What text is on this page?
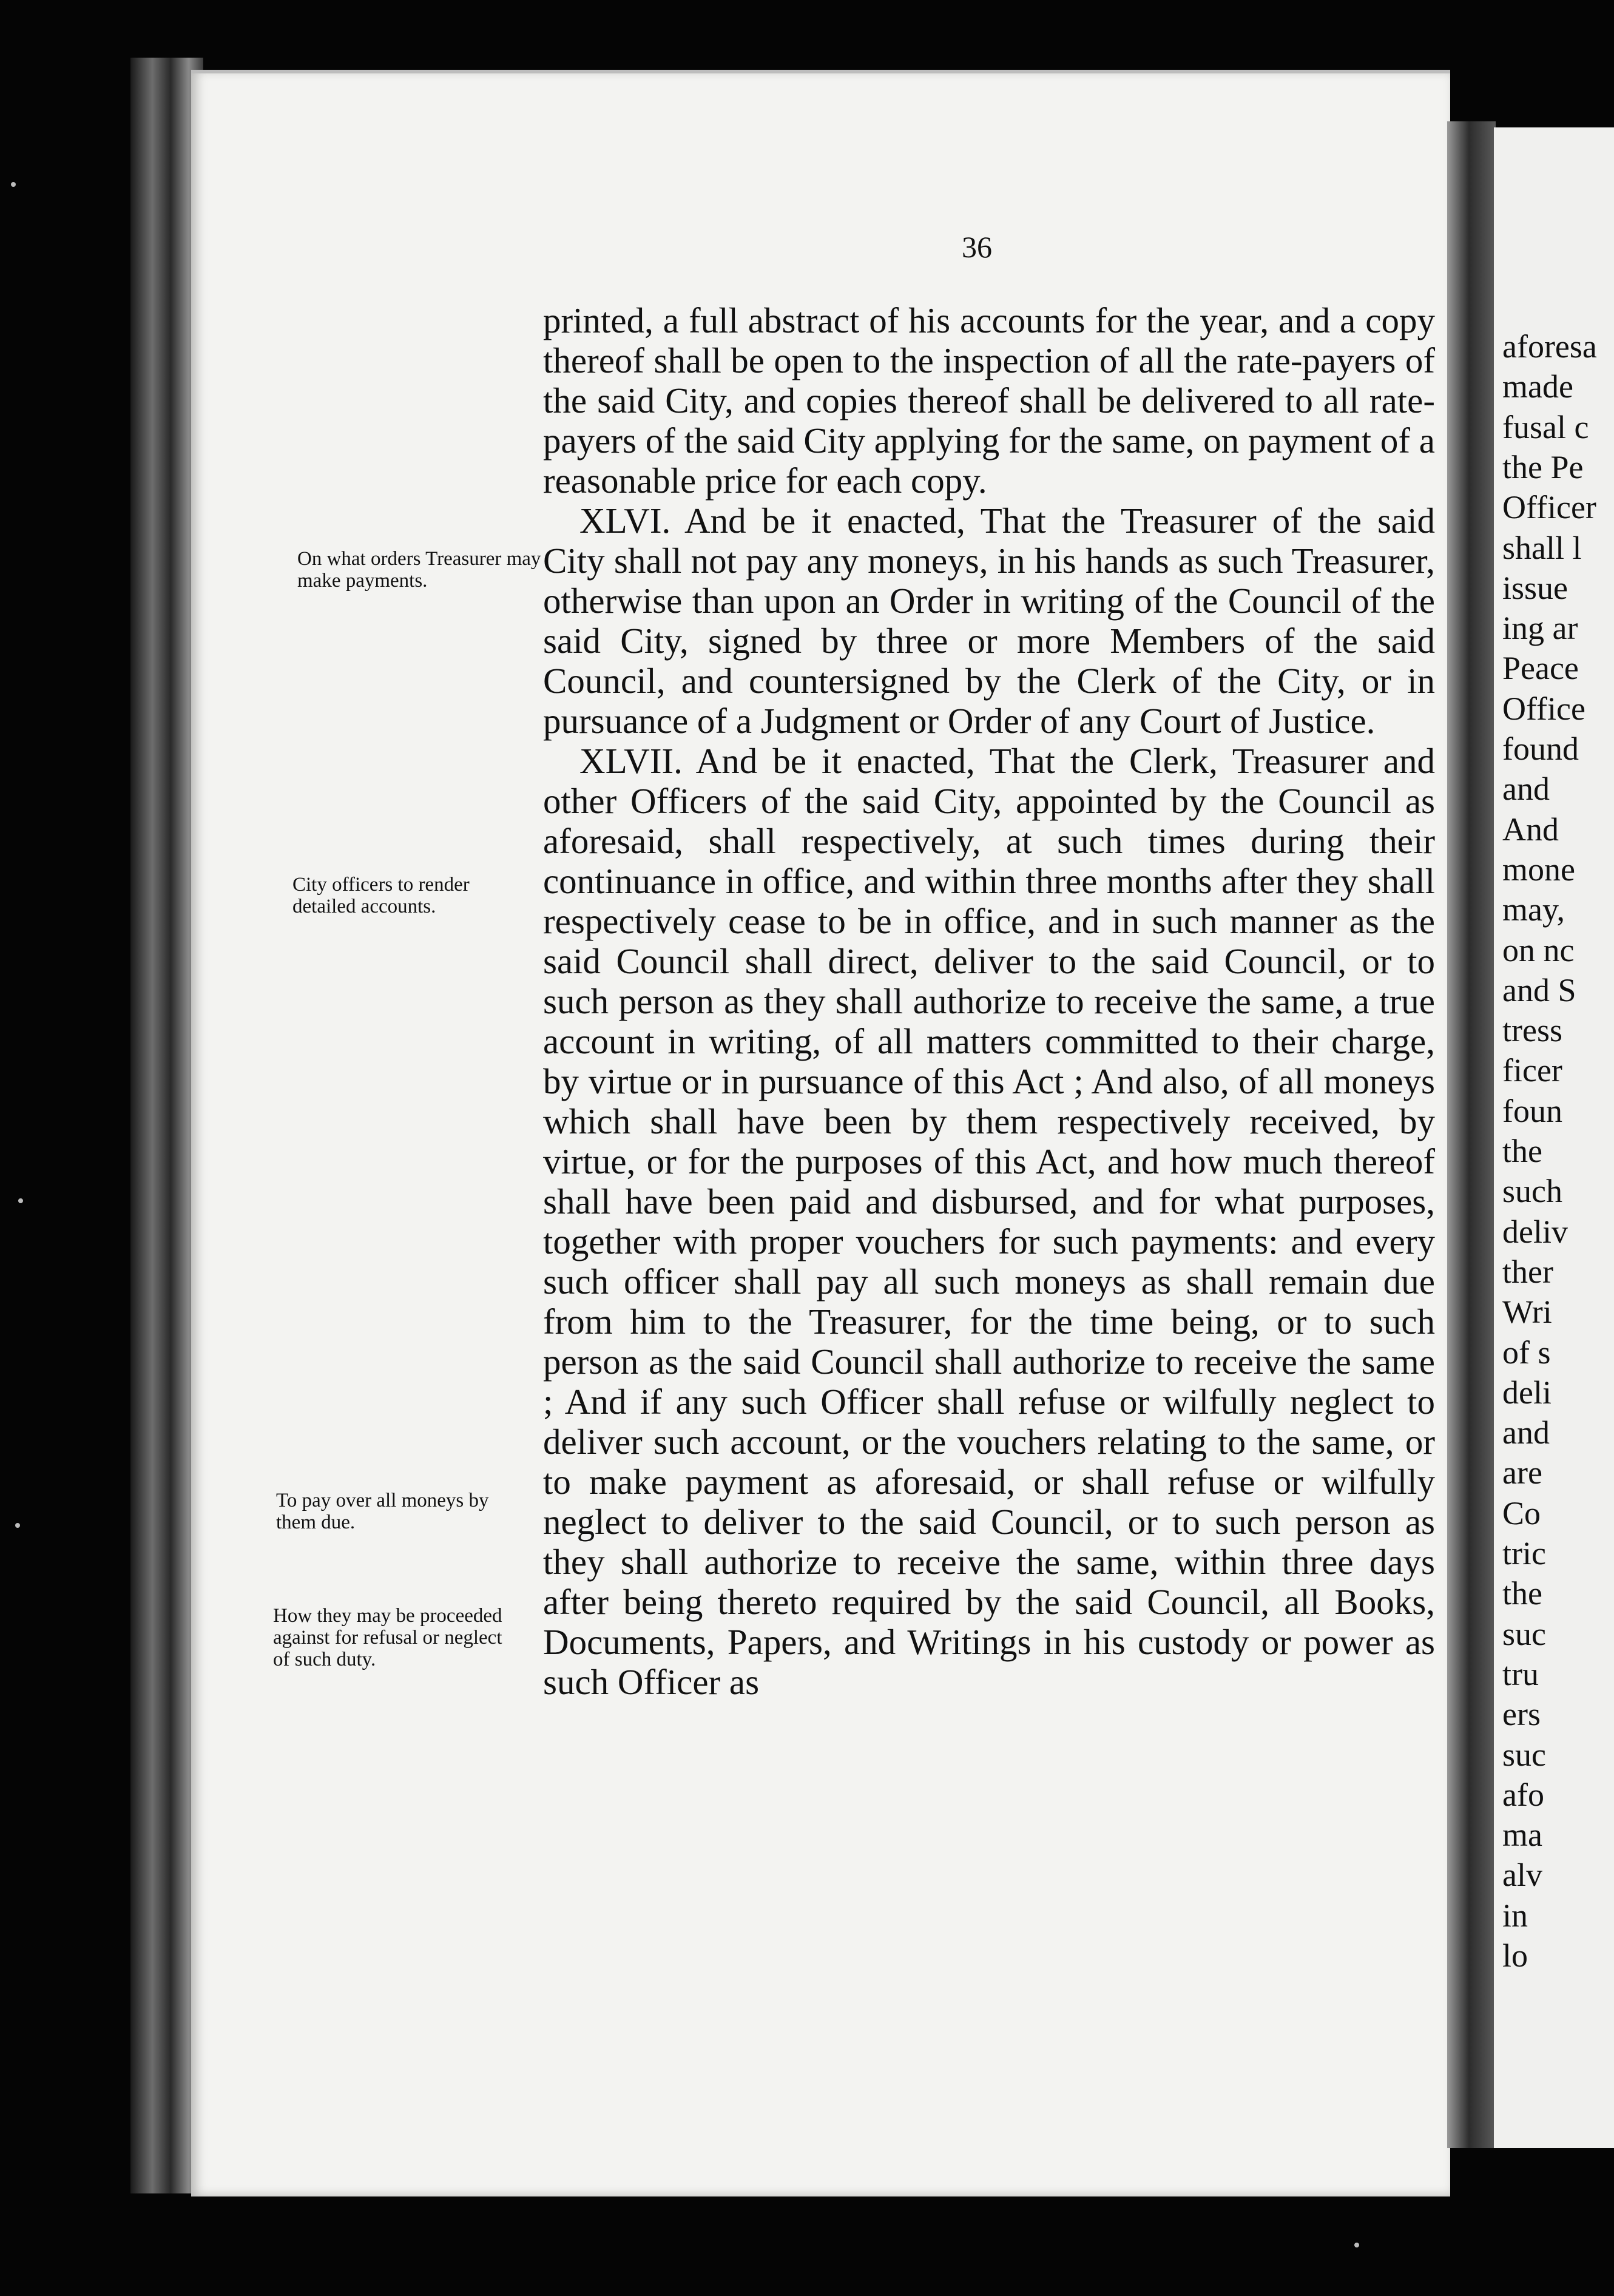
aforesa
made
fusal c
the Pe
Officer
shall l
issue
ing ar
Peace
Office
found
and
And
mone
may,
on nc
and S
tress
ficer
foun
the
such
deliv
ther
Wri
of s
deli
and
are
Co
tric
the
suc
tru
ers
suc
afo
ma
alv
in
lo
36
On what orders Treasurer may make payments.
City officers to render detailed accounts.
To pay over all moneys by them due.
How they may be proceeded against for refusal or neglect of such duty.

printed, a full abstract of his accounts for the year, and a copy thereof shall be open to the inspection of all the rate-payers of the said City, and copies thereof shall be delivered to all rate-payers of the said City applying for the same, on payment of a reasonable price for each copy.

XLVI. And be it enacted, That the Treasurer of the said City shall not pay any moneys, in his hands as such Treasurer, otherwise than upon an Order in writing of the Council of the said City, signed by three or more Members of the said Council, and countersigned by the Clerk of the City, or in pursuance of a Judgment or Order of any Court of Justice.

XLVII. And be it enacted, That the Clerk, Treasurer and other Officers of the said City, appointed by the Council as aforesaid, shall respectively, at such times during their continuance in office, and within three months after they shall respectively cease to be in office, and in such manner as the said Council shall direct, deliver to the said Council, or to such person as they shall authorize to receive the same, a true account in writing, of all matters committed to their charge, by virtue or in pursuance of this Act ; And also, of all moneys which shall have been by them respectively received, by virtue, or for the purposes of this Act, and how much thereof shall have been paid and disbursed, and for what purposes, together with proper vouchers for such payments: and every such officer shall pay all such moneys as shall remain due from him to the Treasurer, for the time being, or to such person as the said Council shall authorize to receive the same ; And if any such Officer shall refuse or wilfully neglect to deliver such account, or the vouchers relating to the same, or to make payment as aforesaid, or shall refuse or wilfully neglect to deliver to the said Council, or to such person as they shall authorize to receive the same, within three days after being thereto required by the said Council, all Books, Documents, Papers, and Writings in his custody or power as such Officer as
